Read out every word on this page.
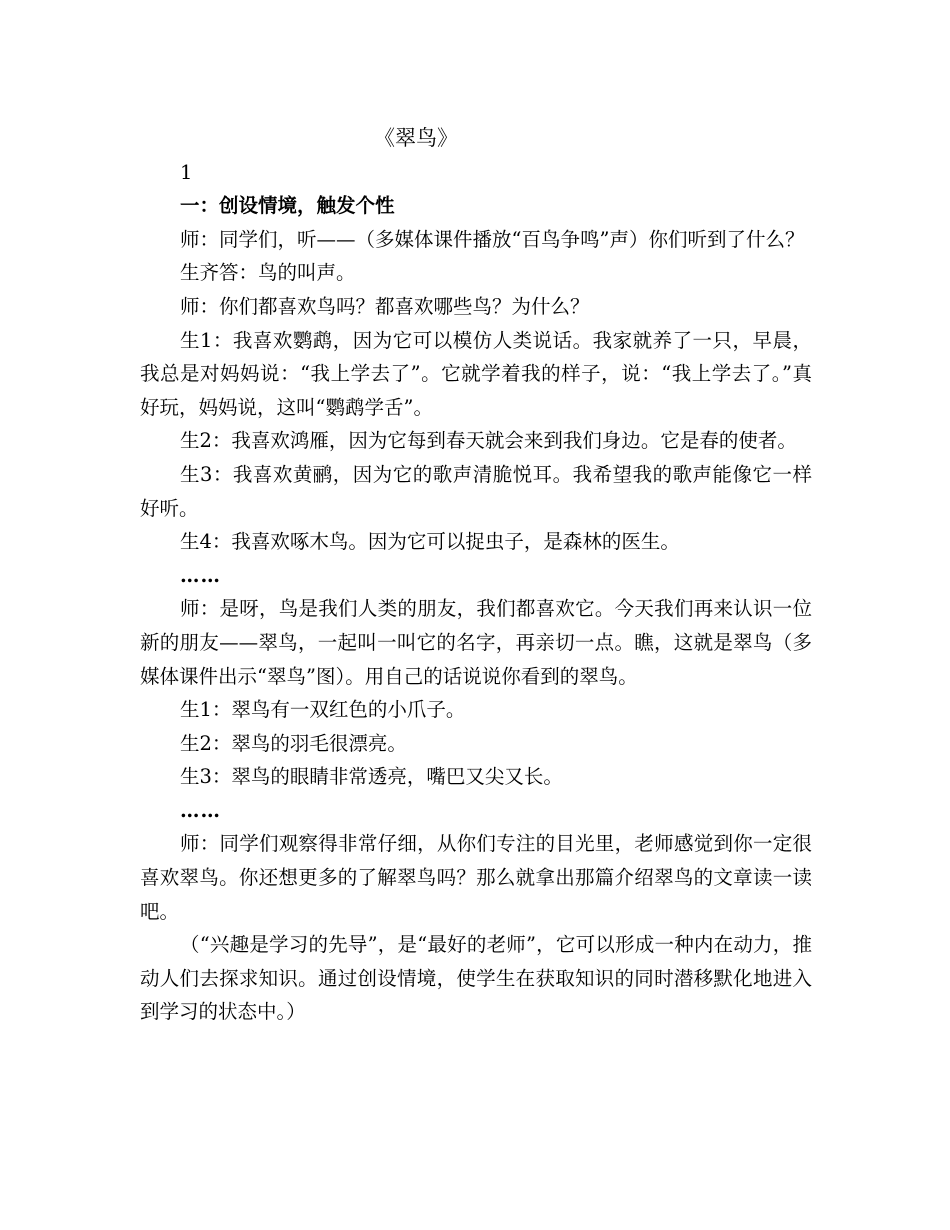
《翠鸟》

1

一：创设情境，触发个性

师：同学们，听——（多媒体课件播放“百鸟争鸣”声）你们听到了什么？

生齐答：鸟的叫声。

师：你们都喜欢鸟吗？都喜欢哪些鸟？为什么？

生1：我喜欢鹦鹉，因为它可以模仿人类说话。我家就养了一只，早晨，我总是对妈妈说：“我上学去了”。它就学着我的样子，说：“我上学去了。”真好玩，妈妈说，这叫“鹦鹉学舌”。

生2：我喜欢鸿雁，因为它每到春天就会来到我们身边。它是春的使者。

生3：我喜欢黄鹂，因为它的歌声清脆悦耳。我希望我的歌声能像它一样好听。

生4：我喜欢啄木鸟。因为它可以捉虫子，是森林的医生。

……

师：是呀，鸟是我们人类的朋友，我们都喜欢它。今天我们再来认识一位新的朋友——翠鸟，一起叫一叫它的名字，再亲切一点。瞧，这就是翠鸟（多媒体课件出示“翠鸟”图）。用自己的话说说你看到的翠鸟。

生1：翠鸟有一双红色的小爪子。

生2：翠鸟的羽毛很漂亮。

生3：翠鸟的眼睛非常透亮，嘴巴又尖又长。

……

师：同学们观察得非常仔细，从你们专注的目光里，老师感觉到你一定很喜欢翠鸟。你还想更多的了解翠鸟吗？那么就拿出那篇介绍翠鸟的文章读一读吧。

（“兴趣是学习的先导”，是“最好的老师”，它可以形成一种内在动力，推动人们去探求知识。通过创设情境，使学生在获取知识的同时潜移默化地进入到学习的状态中。）
